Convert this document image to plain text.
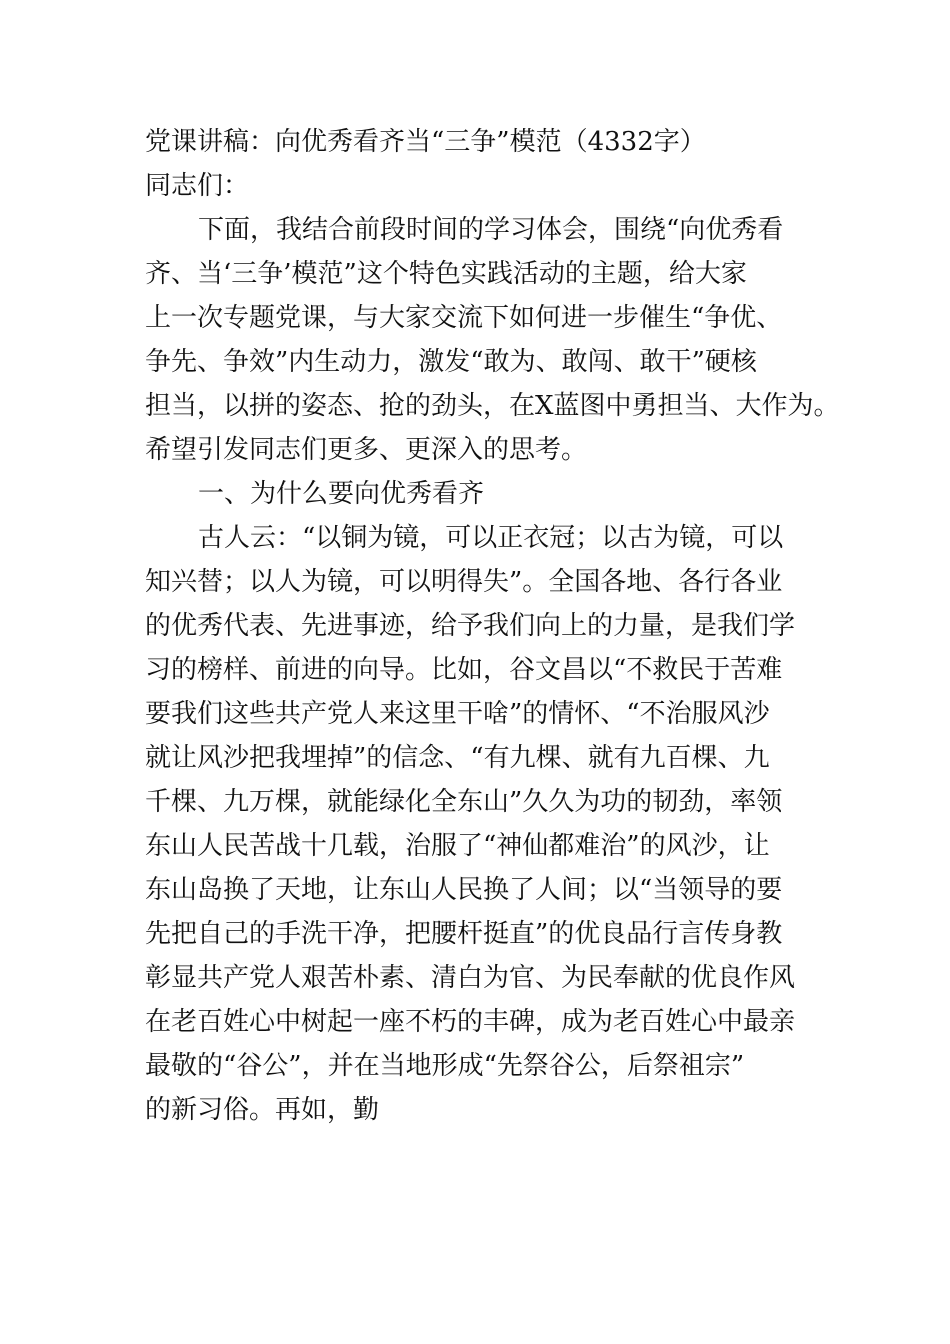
党课讲稿：向优秀看齐当“三争”模范（4332字）
同志们：
下面，我结合前段时间的学习体会，围绕“向优秀看
齐、当‘三争’模范”这个特色实践活动的主题，给大家
上一次专题党课，与大家交流下如何进一步催生“争优、
争先、争效”内生动力，激发“敢为、敢闯、敢干”硬核
担当，以拼的姿态、抢的劲头，在X蓝图中勇担当、大作为。
希望引发同志们更多、更深入的思考。
一、为什么要向优秀看齐
古人云：“以铜为镜，可以正衣冠；以古为镜，可以
知兴替；以人为镜，可以明得失”。全国各地、各行各业
的优秀代表、先进事迹，给予我们向上的力量，是我们学
习的榜样、前进的向导。比如，谷文昌以“不救民于苦难
要我们这些共产党人来这里干啥”的情怀、“不治服风沙
就让风沙把我埋掉”的信念、“有九棵、就有九百棵、九
千棵、九万棵，就能绿化全东山”久久为功的韧劲，率领
东山人民苦战十几载，治服了“神仙都难治”的风沙，让
东山岛换了天地，让东山人民换了人间；以“当领导的要
先把自己的手洗干净，把腰杆挺直”的优良品行言传身教
彰显共产党人艰苦朴素、清白为官、为民奉献的优良作风
在老百姓心中树起一座不朽的丰碑，成为老百姓心中最亲
最敬的“谷公”，并在当地形成“先祭谷公，后祭祖宗”
的新习俗。再如，勤
